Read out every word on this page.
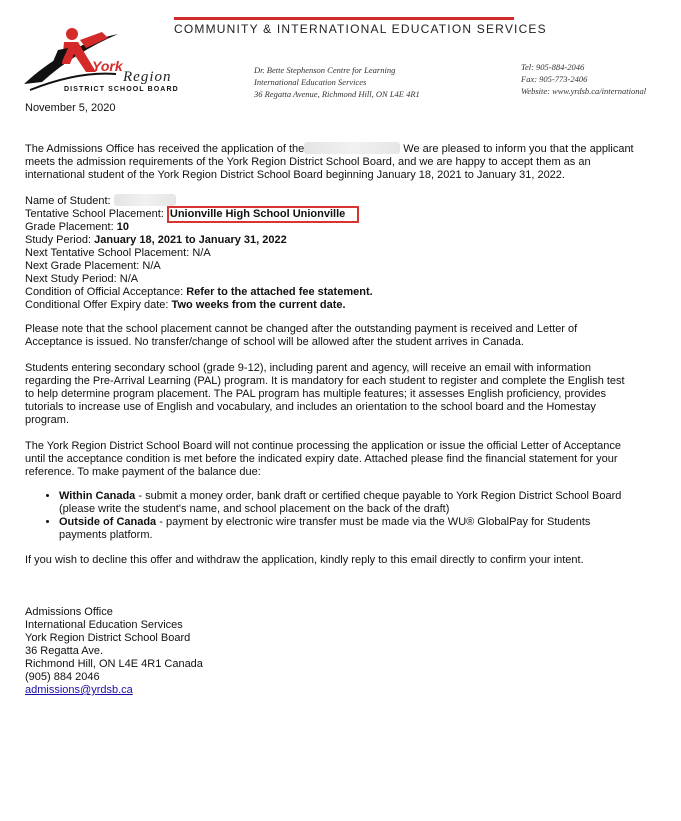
COMMUNITY & INTERNATIONAL EDUCATION SERVICES
York
Region
DISTRICT SCHOOL BOARD
Dr. Bette Stephenson Centre for Learning
International Education Services
36 Regatta Avenue, Richmond Hill, ON L4E 4R1
Tel: 905-884-2046
Fax: 905-773-2406
Website: www.yrdsb.ca/international
November 5, 2020
The Admissions Office has received the application of the	We are pleased to inform you that the applicant
meets the admission requirements of the York Region District School Board, and we are happy to accept them as an
international student of the York Region District School Board beginning January 18, 2021 to January 31, 2022.
Name of Student:
Tentative School Placement: Unionville High School Unionville
Grade Placement: 10
Study Period: January 18, 2021 to January 31, 2022
Next Tentative School Placement: N/A
Next Grade Placement: N/A
Next Study Period: N/A
Condition of Official Acceptance: Refer to the attached fee statement.
Conditional Offer Expiry date: Two weeks from the current date.
Please note that the school placement cannot be changed after the outstanding payment is received and Letter of
Acceptance is issued. No transfer/change of school will be allowed after the student arrives in Canada.
Students entering secondary school (grade 9-12), including parent and agency, will receive an email with information
regarding the Pre-Arrival Learning (PAL) program. It is mandatory for each student to register and complete the English test
to help determine program placement. The PAL program has multiple features; it assesses English proficiency, provides
tutorials to increase use of English and vocabulary, and includes an orientation to the school board and the Homestay
program.
The York Region District School Board will not continue processing the application or issue the official Letter of Acceptance
until the acceptance condition is met before the indicated expiry date. Attached please find the financial statement for your
reference. To make payment of the balance due:
• Within Canada - submit a money order, bank draft or certified cheque payable to York Region District School Board
(please write the student's name, and school placement on the back of the draft)
• Outside of Canada - payment by electronic wire transfer must be made via the WU® GlobalPay for Students
payments platform.
If you wish to decline this offer and withdraw the application, kindly reply to this email directly to confirm your intent.
Admissions Office
International Education Services
York Region District School Board
36 Regatta Ave.
Richmond Hill, ON L4E 4R1 Canada
(905) 884 2046
admissions@yrdsb.ca
